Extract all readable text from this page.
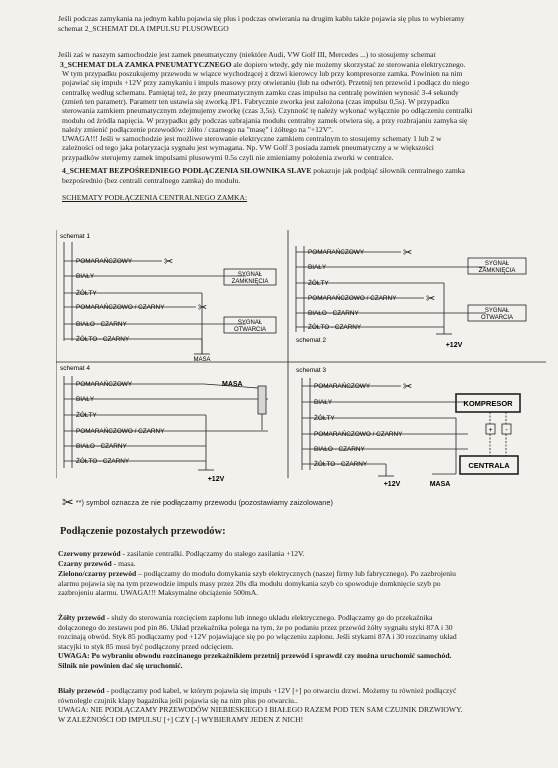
Jeśli podczas zamykania na jednym kablu pojawia się plus i podczas otwierania na drugim kablu także pojawia się plus to wybieramy
schemat 2_SCHEMAT DLA IMPULSU PLUSOWEGO
Jeśli zaś w naszym samochodzie jest zamek pneumatyczny (niektóre Audi, VW Golf III, Mercedes ...) to stosujemy schemat
3_SCHEMAT DLA ZAMKA PNEUMATYCZNEGO ale dopiero wtedy, gdy nie możemy skorzystać ze sterowania elektrycznego.
W tym przypadku poszukujemy przewodu w wiązce wychodzącej z drzwi kierowcy lub przy kompresorze zamka. Powinien na nim
pojawiać się impuls +12V przy zamykaniu i impuls masowy przy otwieraniu (lub na odwrót). Przetnij ten przewód i podłącz do niego
centralkę według schematu. Pamiętaj też, że przy pneumatycznym zamku czas impulsu na centralę powinien wynosić 3-4 sekundy
(zmień ten parametr). Parametr ten ustawia się zworką JP1. Fabrycznie zworka jest założona (czas impulsu 0,5s). W przypadku
sterowania zamkiem pneumatycznym zdejmujemy zworkę (czas 3,5s). Czynność tę należy wykonać wyłącznie po odłączeniu centralki
modułu od źródła napięcia. W przypadku gdy podczas uzbrajania modułu centralny zamek otwiera się, a przy rozbrajaniu zamyka się
należy zmienić podłączenie przewodów: żółto / czarnego na "masę" i żółtego na "+12V".
UWAGA!!! Jeśli w samochodzie jest możliwe sterowanie elektryczne zamkiem centralnym to stosujemy schematy 1 lub 2 w
zależności od tego jaka polaryzacja sygnału jest wymagana. Np. VW Golf 3 posiada zamek pneumatyczny a w większości
przypadków sterujemy zamek impulsami plusowymi 0.5s czyli nie zmieniamy położenia zworki w centralce.
4_SCHEMAT BEZPOŚREDNIEGO PODŁĄCZENIA SIŁOWNIKA SLAVE pokazuje jak podpiąć siłownik centralnego zamka
bezpośrednio (bez centrali centralnego zamka) do modułu.
SCHEMATY PODŁĄCZENIA CENTRALNEGO ZAMKA:
schemat 1
POMARAŃCZOWY
BIAŁY
ŻÓŁTY
POMARAŃCZOWO / CZARNY
BIAŁO - CZARNY
ŻÓŁTO - CZARNY
✂
✂
SYGNAŁ
ZAMKNIĘCIA
SYGNAŁ
OTWARCIA
MASA
schemat 2
POMARAŃCZOWY
BIAŁY
ŻÓŁTY
POMARAŃCZOWO / CZARNY
BIAŁO - CZARNY
ŻÓŁTO - CZARNY
✂
✂
SYGNAŁ
ZAMKNIĘCIA
SYGNAŁ
OTWARCIA
+12V
schemat 4
POMARAŃCZOWY
BIAŁY
ŻÓŁTY
POMARAŃCZOWO / CZARNY
BIAŁO - CZARNY
ŻÓŁTO - CZARNY
MASA
+12V
schemat 3
POMARAŃCZOWY
BIAŁY
ŻÓŁTY
POMARAŃCZOWO / CZARNY
BIAŁO - CZARNY
ŻÓŁTO - CZARNY
✂
KOMPRESOR
CENTRALA
+ -
+12V	MASA
✂ **) symbol oznacza że nie podłączamy przewodu (pozostawiamy zaizolowane)
Podłączenie pozostałych przewodów:
Czerwony przewód - zasilanie centralki. Podłączamy do stałego zasilania +12V.
Czarny przewód - masa.
Zielono/czarny przewód – podłączamy do modułu domykania szyb elektrycznych (naszej firmy lub fabrycznego). Po zazbrojeniu
alarmu pojawia się na tym przewodzie impuls masy przez 20s dla modułu domykania szyb co spowoduje domknięcie szyb po
zazbrojeniu alarmu. UWAGA!!! Maksymalne obciążenie 500mA.
Żółty przewód - służy do sterowania rozcięciem zapłonu lub innego układu elektrycznego. Podłączamy go do przekaźnika
dołączonego do zestawu pod pin 86. Układ przekaźnika polega na tym, że po podaniu przez przewód żółty sygnału styki 87A i 30
rozcinają obwód. Styk 85 podłączamy pod +12V pojawiające się po po włączeniu zapłonu. Jeśli stykami 87A i 30 rozcinamy układ
stacyjki to styk 85 musi być podłączony przed odcięciem.
UWAGA: Po wybraniu obwodu rozcinanego przekaźnikiem przetnij przewód i sprawdź czy można uruchomić samochód.
Silnik nie powinien dać się uruchomić.
Biały przewód - podłączamy pod kabel, w którym pojawia się impuls +12V [+] po otwarciu drzwi. Możemy tu również podłączyć
równolegle czujnik klapy bagażnika jeśli pojawia się na nim plus po otwarciu..
UWAGA: NIE PODŁĄCZAMY PRZEWODÓW NIEBIESKIEGO I BIAŁEGO RAZEM POD TEN SAM CZUJNIK DRZWIOWY.
W ZALEŻNOŚCI OD IMPULSU [+] CZY [-] WYBIERAMY JEDEN Z NICH!
